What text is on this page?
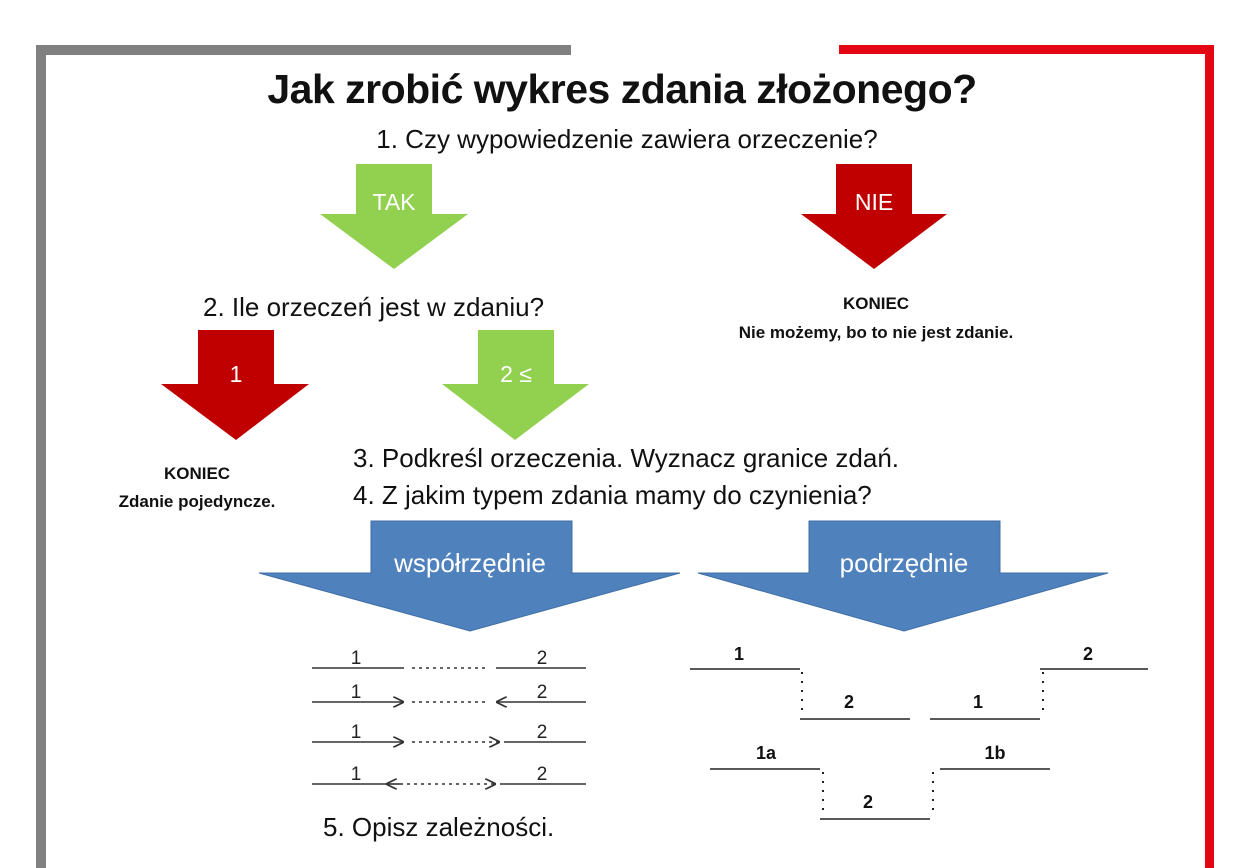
Jak zrobić wykres zdania złożonego?
1. Czy wypowiedzenie zawiera orzeczenie?
2. Ile orzeczeń jest w zdaniu?
3. Podkreśl orzeczenia. Wyznacz granice zdań.
4. Z jakim typem zdania mamy do czynienia?
5. Opisz zależności.
KONIEC
Nie możemy, bo to nie jest zdanie.
KONIEC
Zdanie pojedyncze.
TAK	NIE
1	2 ≤
współrzędnie	podrzędnie
1	2
1	2
1	2
1	2
1
2
2
1
1a	1b
2
